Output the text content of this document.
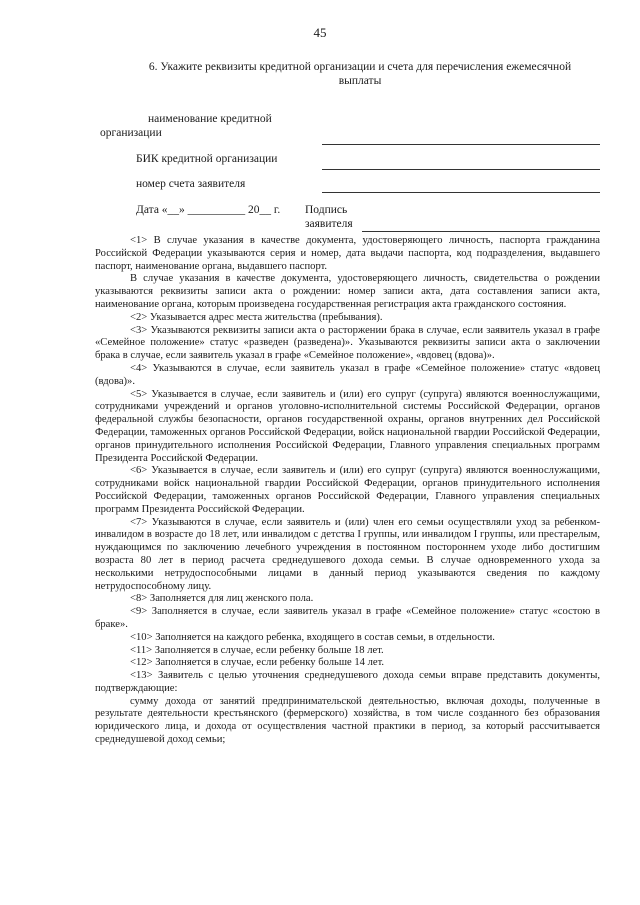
45
6. Укажите реквизиты кредитной организации и счета для перечисления ежемесячной выплаты
наименование кредитной
организации
БИК кредитной организации
номер счета заявителя
Дата «__» __________ 20__ г. Подпись
заявителя

<1> В случае указания в качестве документа, удостоверяющего личность, паспорта гражданина Российской Федерации указываются серия и номер, дата выдачи паспорта, код подразделения, выдавшего паспорт, наименование органа, выдавшего паспорт.

В случае указания в качестве документа, удостоверяющего личность, свидетельства о рождении указываются реквизиты записи акта о рождении: номер записи акта, дата составления записи акта, наименование органа, которым произведена государственная регистрация акта гражданского состояния.

<2> Указывается адрес места жительства (пребывания).

<3> Указываются реквизиты записи акта о расторжении брака в случае, если заявитель указал в графе «Семейное положение» статус «разведен (разведена)». Указываются реквизиты записи акта о заключении брака в случае, если заявитель указал в графе «Семейное положение», «вдовец (вдова)».

<4> Указываются в случае, если заявитель указал в графе «Семейное положение» статус «вдовец (вдова)».

<5> Указывается в случае, если заявитель и (или) его супруг (супруга) являются военнослужащими, сотрудниками учреждений и органов уголовно-исполнительной системы Российской Федерации, органов федеральной службы безопасности, органов государственной охраны, органов внутренних дел Российской Федерации, таможенных органов Российской Федерации, войск национальной гвардии Российской Федерации, органов принудительного исполнения Российской Федерации, Главного управления специальных программ Президента Российской Федерации.

<6> Указывается в случае, если заявитель и (или) его супруг (супруга) являются военнослужащими, сотрудниками войск национальной гвардии Российской Федерации, органов принудительного исполнения Российской Федерации, таможенных органов Российской Федерации, Главного управления специальных программ Президента Российской Федерации.

<7> Указываются в случае, если заявитель и (или) член его семьи осуществляли уход за ребенком-инвалидом в возрасте до 18 лет, или инвалидом с детства I группы, или инвалидом I группы, или престарелым, нуждающимся по заключению лечебного учреждения в постоянном постороннем уходе либо достигшим возраста 80 лет в период расчета среднедушевого дохода семьи. В случае одновременного ухода за несколькими нетрудоспособными лицами в данный период указываются сведения по каждому нетрудоспособному лицу.

<8> Заполняется для лиц женского пола.

<9> Заполняется в случае, если заявитель указал в графе «Семейное положение» статус «состою в браке».

<10> Заполняется на каждого ребенка, входящего в состав семьи, в отдельности.

<11> Заполняется в случае, если ребенку больше 18 лет.

<12> Заполняется в случае, если ребенку больше 14 лет.

<13> Заявитель с целью уточнения среднедушевого дохода семьи вправе представить документы, подтверждающие:

сумму дохода от занятий предпринимательской деятельностью, включая доходы, полученные в результате деятельности крестьянского (фермерского) хозяйства, в том числе созданного без образования юридического лица, и дохода от осуществления частной практики в период, за который рассчитывается среднедушевой доход семьи;
